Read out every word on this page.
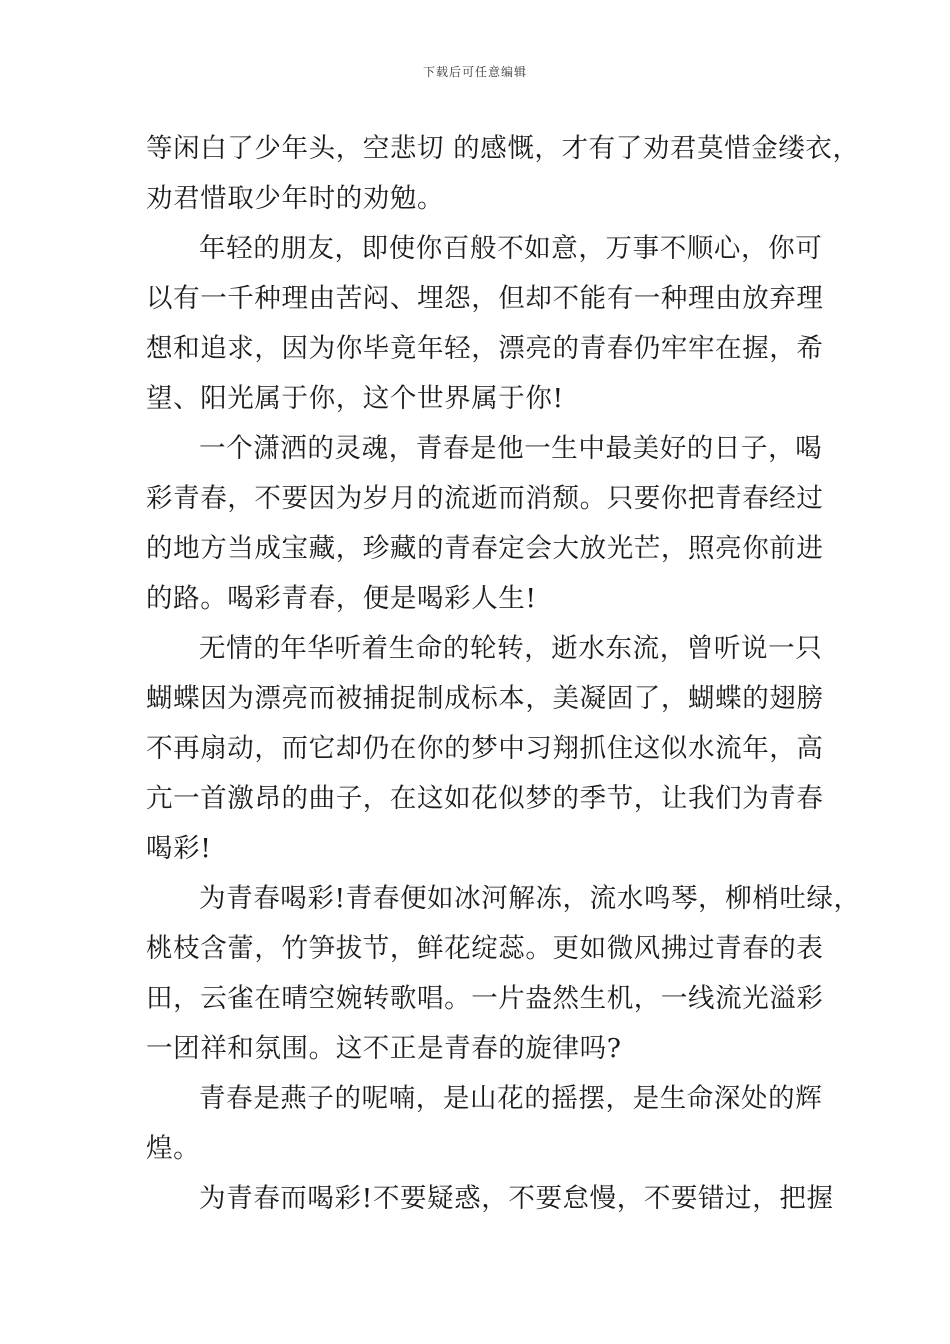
下载后可任意编辑

等闲白了少年头，空悲切 的感慨，才有了劝君莫惜金缕衣，
劝君惜取少年时的劝勉。

年轻的朋友，即使你百般不如意，万事不顺心，你可
以有一千种理由苦闷、埋怨，但却不能有一种理由放弃理
想和追求，因为你毕竟年轻，漂亮的青春仍牢牢在握，希
望、阳光属于你，这个世界属于你!

一个潇洒的灵魂，青春是他一生中最美好的日子，喝
彩青春，不要因为岁月的流逝而消颓。只要你把青春经过
的地方当成宝藏，珍藏的青春定会大放光芒，照亮你前进
的路。喝彩青春，便是喝彩人生!

无情的年华听着生命的轮转，逝水东流，曾听说一只
蝴蝶因为漂亮而被捕捉制成标本，美凝固了，蝴蝶的翅膀
不再扇动，而它却仍在你的梦中习翔抓住这似水流年，高
亢一首激昂的曲子，在这如花似梦的季节，让我们为青春
喝彩!

为青春喝彩!青春便如冰河解冻，流水鸣琴，柳梢吐绿，
桃枝含蕾，竹笋拔节，鲜花绽蕊。更如微风拂过青春的表
田，云雀在晴空婉转歌唱。一片盎然生机，一线流光溢彩
一团祥和氛围。这不正是青春的旋律吗?

青春是燕子的呢喃，是山花的摇摆，是生命深处的辉
煌。

为青春而喝彩!不要疑惑，不要怠慢，不要错过，把握
